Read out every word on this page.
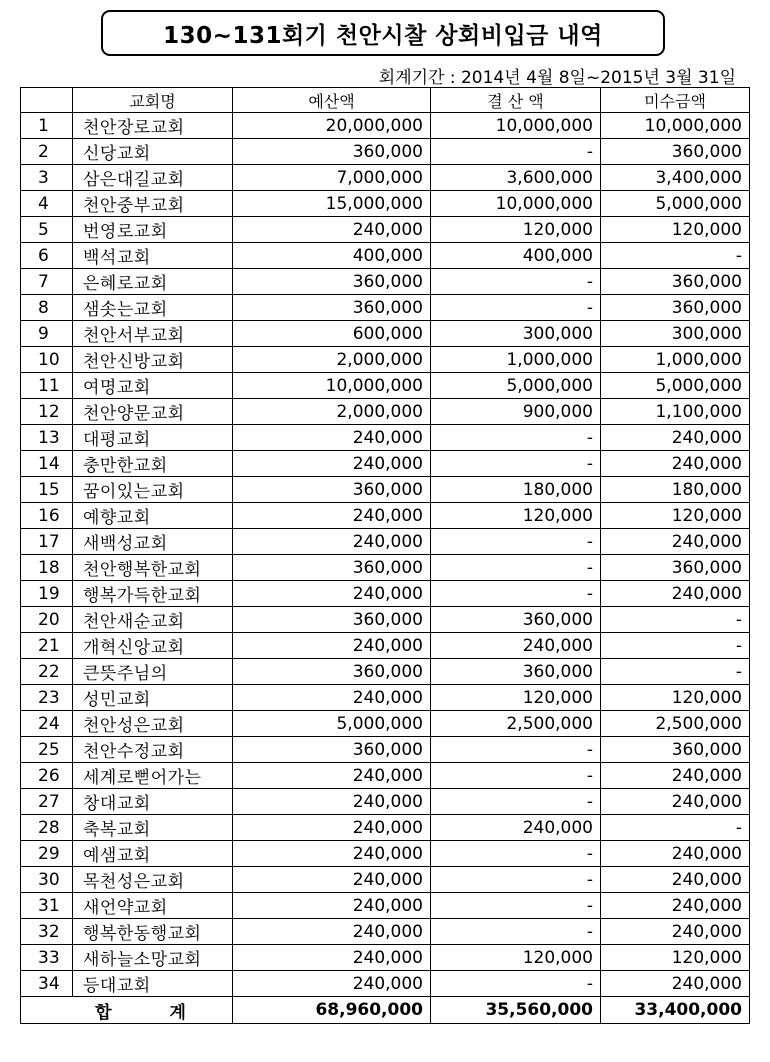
130~131회기 천안시찰 상회비입금 내역
회계기간 : 2014년 4월 8일~2015년 3월 31일
	교회명	예산액	결 산 액	미수금액
1	천안장로교회	20,000,000	10,000,000	10,000,000
2	신당교회	360,000	-	360,000
3	삼은대길교회	7,000,000	3,600,000	3,400,000
4	천안중부교회	15,000,000	10,000,000	5,000,000
5	번영로교회	240,000	120,000	120,000
6	백석교회	400,000	400,000	-
7	은혜로교회	360,000	-	360,000
8	샘솟는교회	360,000	-	360,000
9	천안서부교회	600,000	300,000	300,000
10	천안신방교회	2,000,000	1,000,000	1,000,000
11	여명교회	10,000,000	5,000,000	5,000,000
12	천안양문교회	2,000,000	900,000	1,100,000
13	대평교회	240,000	-	240,000
14	충만한교회	240,000	-	240,000
15	꿈이있는교회	360,000	180,000	180,000
16	예향교회	240,000	120,000	120,000
17	새백성교회	240,000	-	240,000
18	천안행복한교회	360,000	-	360,000
19	행복가득한교회	240,000	-	240,000
20	천안새순교회	360,000	360,000	-
21	개혁신앙교회	240,000	240,000	-
22	큰뜻주님의	360,000	360,000	-
23	성민교회	240,000	120,000	120,000
24	천안성은교회	5,000,000	2,500,000	2,500,000
25	천안수정교회	360,000	-	360,000
26	세계로뻗어가는	240,000	-	240,000
27	창대교회	240,000	-	240,000
28	축복교회	240,000	240,000	-
29	예샘교회	240,000	-	240,000
30	목천성은교회	240,000	-	240,000
31	새언약교회	240,000	-	240,000
32	행복한동행교회	240,000	-	240,000
33	새하늘소망교회	240,000	120,000	120,000
34	등대교회	240,000	-	240,000
합 계		68,960,000	35,560,000	33,400,000
